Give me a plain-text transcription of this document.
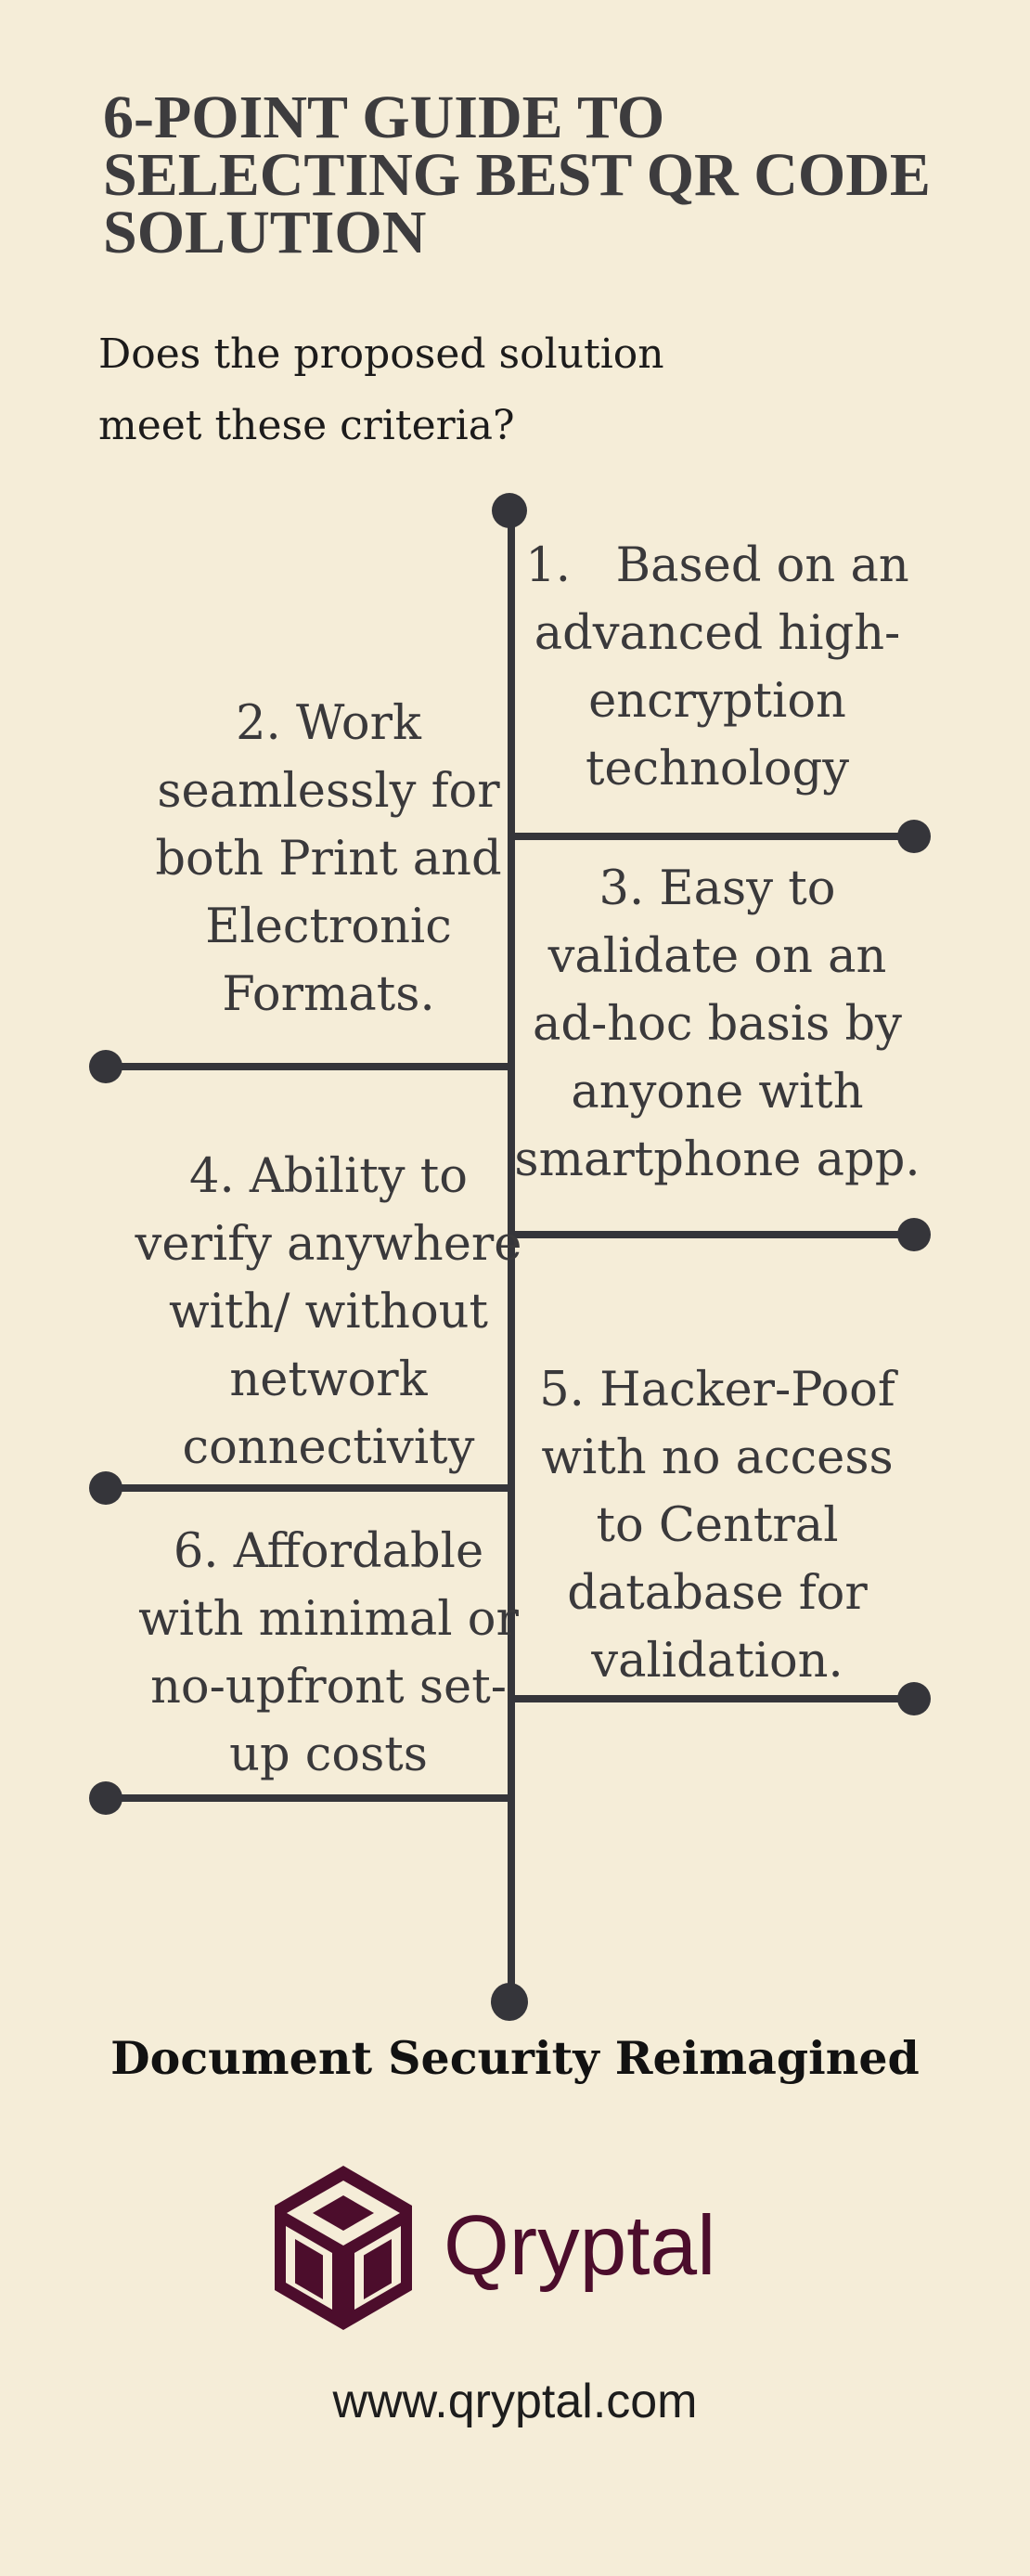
6-POINT GUIDE TO
SELECTING BEST QR CODE
SOLUTION
Does the proposed solution
meet these criteria?
1.   Based on an
advanced high-
encryption
technology
2. Work
seamlessly for
both Print and
Electronic
Formats.
3. Easy to
validate on an
ad-hoc basis by
anyone with
smartphone app.
4. Ability to
verify anywhere
with/ without
network
connectivity
5. Hacker-Poof
with no access
to Central
database for
validation.
6. Affordable
with minimal or
no-upfront set-
up costs
Document Security Reimagined
Qryptal
www.qryptal.com
